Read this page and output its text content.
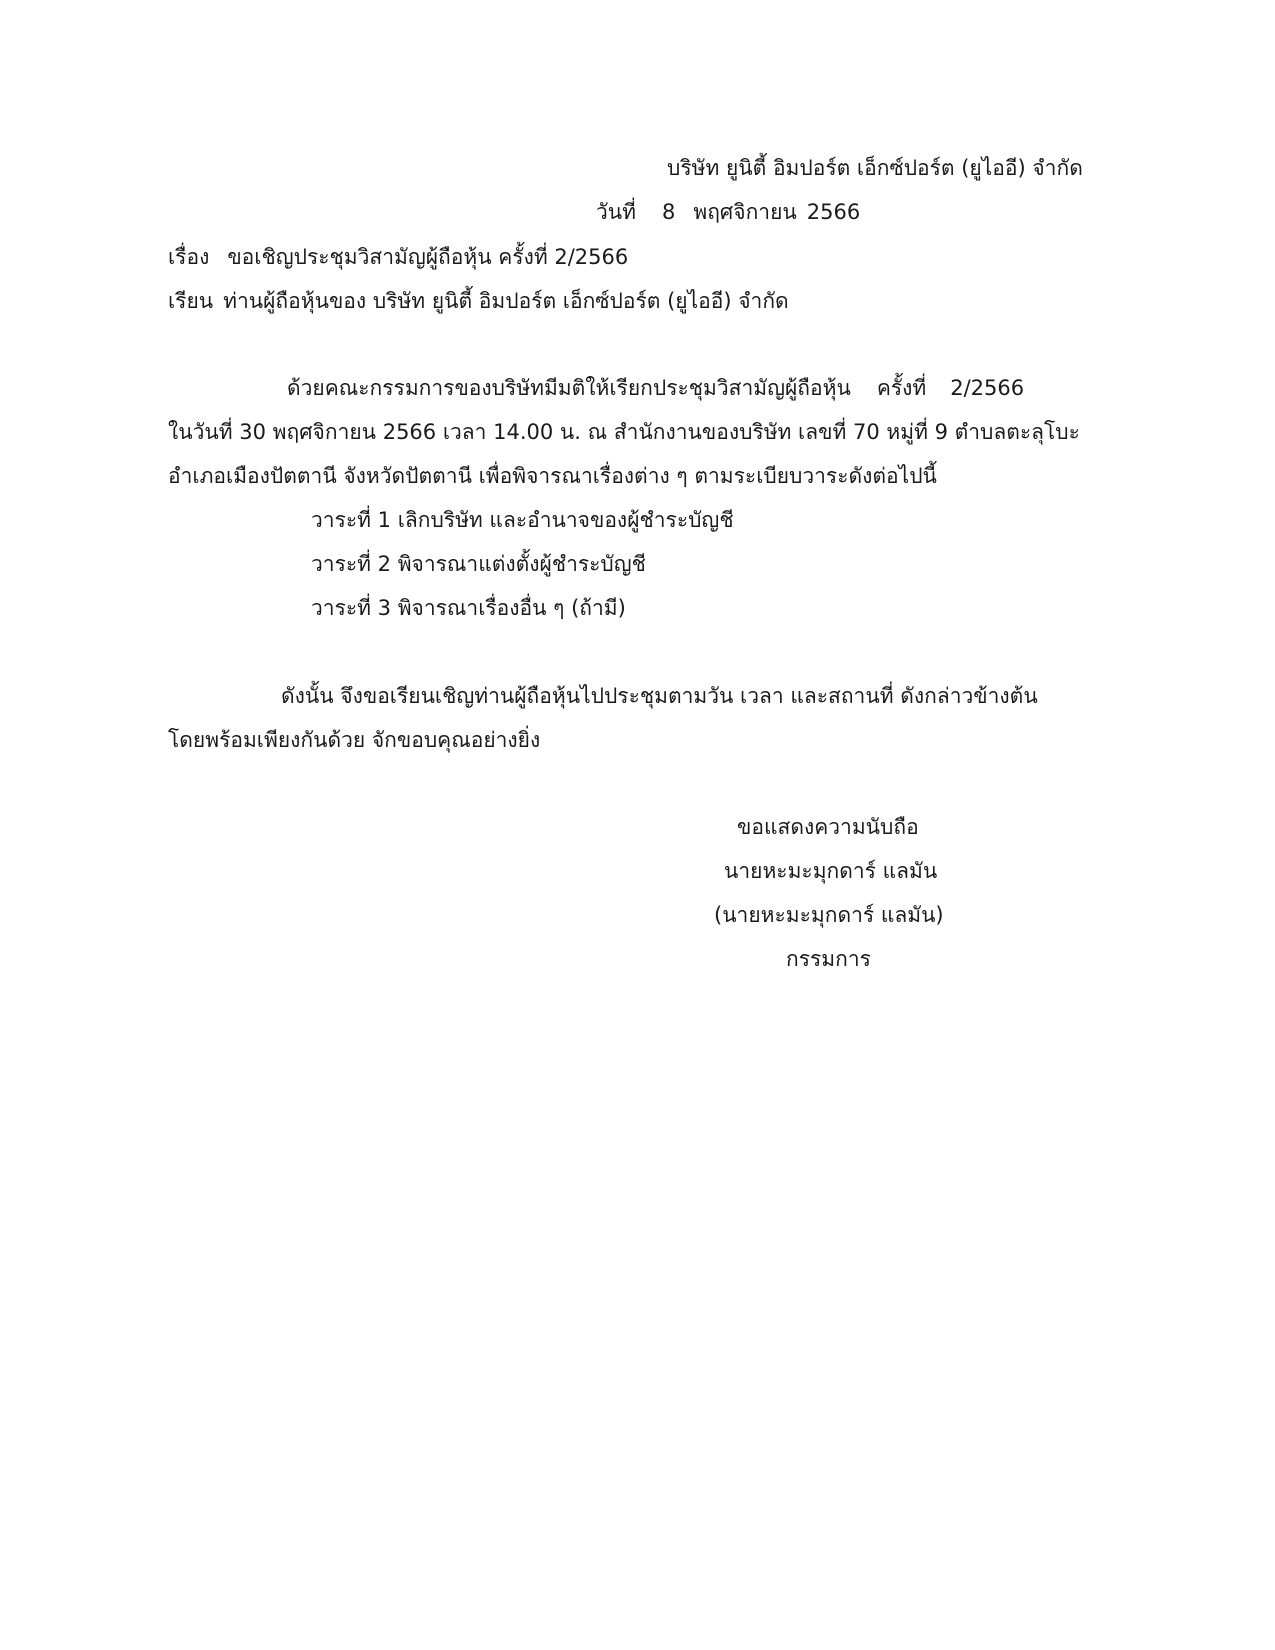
บริษัท ยูนิตี้ อิมปอร์ต เอ็กซ์ปอร์ต (ยูไออี) จำกัด
วันที่ 8 พฤศจิกายน 2566
เรื่อง ขอเชิญประชุมวิสามัญผู้ถือหุ้น ครั้งที่ 2/2566
เรียน ท่านผู้ถือหุ้นของ บริษัท ยูนิตี้ อิมปอร์ต เอ็กซ์ปอร์ต (ยูไออี) จำกัด
ด้วยคณะกรรมการของบริษัทมีมติให้เรียกประชุมวิสามัญผู้ถือหุ้น ครั้งที่ 2/2566
ในวันที่ 30 พฤศจิกายน 2566 เวลา 14.00 น. ณ สำนักงานของบริษัท เลขที่ 70 หมู่ที่ 9 ตำบลตะลุโบะ
อำเภอเมืองปัตตานี จังหวัดปัตตานี เพื่อพิจารณาเรื่องต่าง ๆ ตามระเบียบวาระดังต่อไปนี้
วาระที่ 1 เลิกบริษัท และอำนาจของผู้ชำระบัญชี
วาระที่ 2 พิจารณาแต่งตั้งผู้ชำระบัญชี
วาระที่ 3 พิจารณาเรื่องอื่น ๆ (ถ้ามี)
ดังนั้น จึงขอเรียนเชิญท่านผู้ถือหุ้นไปประชุมตามวัน เวลา และสถานที่ ดังกล่าวข้างต้น
โดยพร้อมเพียงกันด้วย จักขอบคุณอย่างยิ่ง
ขอแสดงความนับถือ
นายหะมะมุกดาร์ แลมัน
(นายหะมะมุกดาร์ แลมัน)
กรรมการ
